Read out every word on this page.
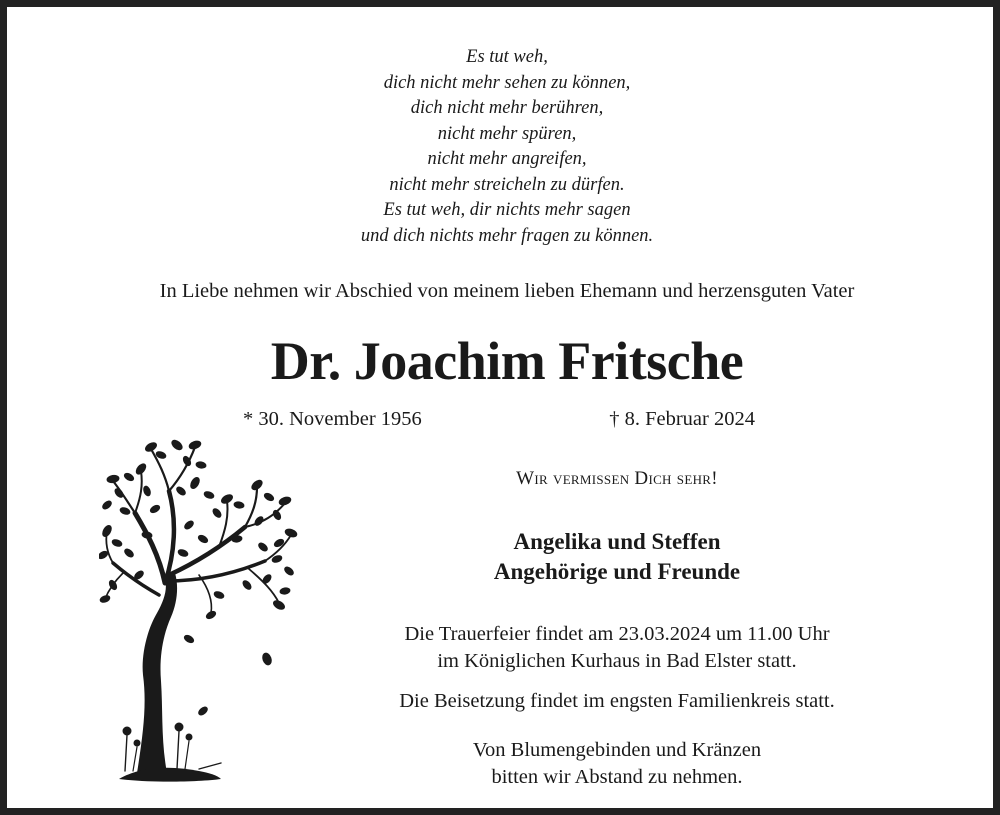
Es tut weh,
dich nicht mehr sehen zu können,
dich nicht mehr berühren,
nicht mehr spüren,
nicht mehr angreifen,
nicht mehr streicheln zu dürfen.
Es tut weh, dir nichts mehr sagen
und dich nichts mehr fragen zu können.
In Liebe nehmen wir Abschied von meinem lieben Ehemann und herzensguten Vater
Dr. Joachim Fritsche
* 30. November 1956	† 8. Februar 2024
Wir vermissen Dich sehr!
Angelika und Steffen
Angehörige und Freunde
Die Trauerfeier findet am 23.03.2024 um 11.00 Uhr
im Königlichen Kurhaus in Bad Elster statt.
Die Beisetzung findet im engsten Familienkreis statt.
Von Blumengebinden und Kränzen
bitten wir Abstand zu nehmen.
